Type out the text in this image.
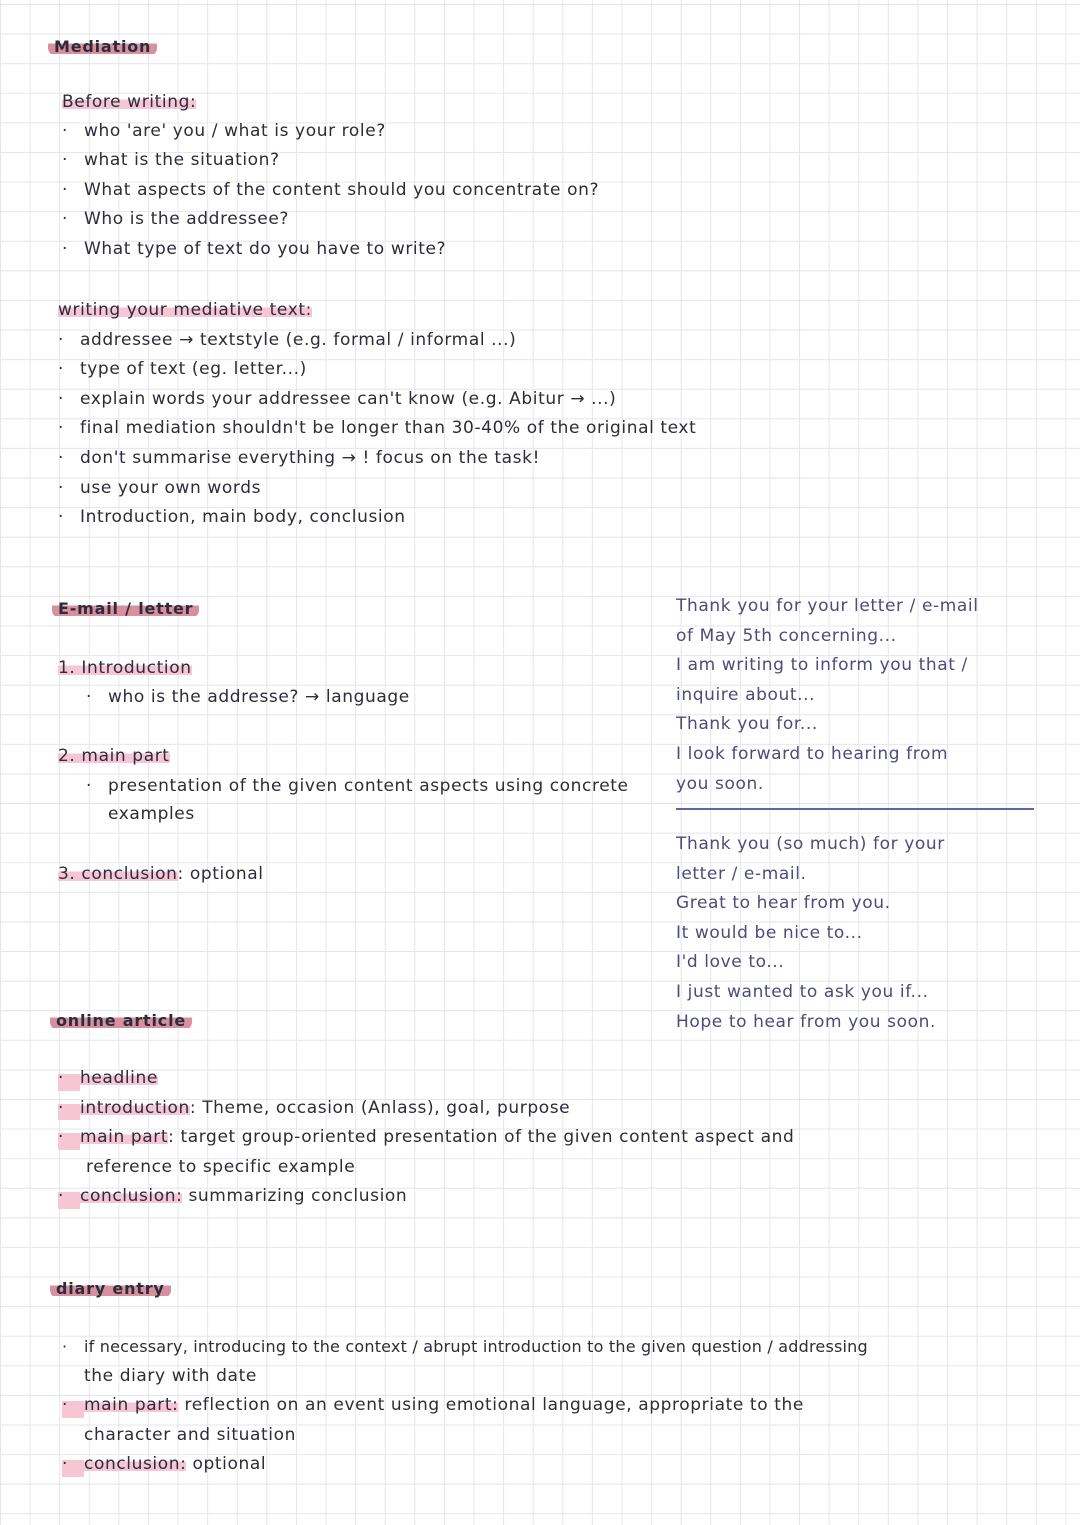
Mediation
Before writing:
· who 'are' you / what is your role?
· what is the situation?
· What aspects of the content should you concentrate on?
· Who is the addressee?
· What type of text do you have to write?
writing your mediative text:
· addressee → textstyle (e.g. formal / informal ...)
· type of text (eg. letter...)
· explain words your addressee can't know (e.g. Abitur → ...)
· final mediation shouldn't be longer than 30-40% of the original text
· don't summarise everything → ! focus on the task!
· use your own words
· Introduction, main body, conclusion
E-mail / letter
1. Introduction
· who is the addresse? → language
2. main part
· presentation of the given content aspects using concrete
examples
3. conclusion: optional
Thank you for your letter / e-mail
of May 5th concerning...
I am writing to inform you that /
inquire about...
Thank you for...
I look forward to hearing from
you soon.
Thank you (so much) for your
letter / e-mail.
Great to hear from you.
It would be nice to...
I'd love to...
I just wanted to ask you if...
Hope to hear from you soon.
online article
· headline
· introduction: Theme, occasion (Anlass), goal, purpose
· main part: target group-oriented presentation of the given content aspect and
reference to specific example
· conclusion: summarizing conclusion
diary entry
· if necessary, introducing to the context / abrupt introduction to the given question / addressing
the diary with date
· main part: reflection on an event using emotional language, appropriate to the
character and situation
· conclusion: optional
